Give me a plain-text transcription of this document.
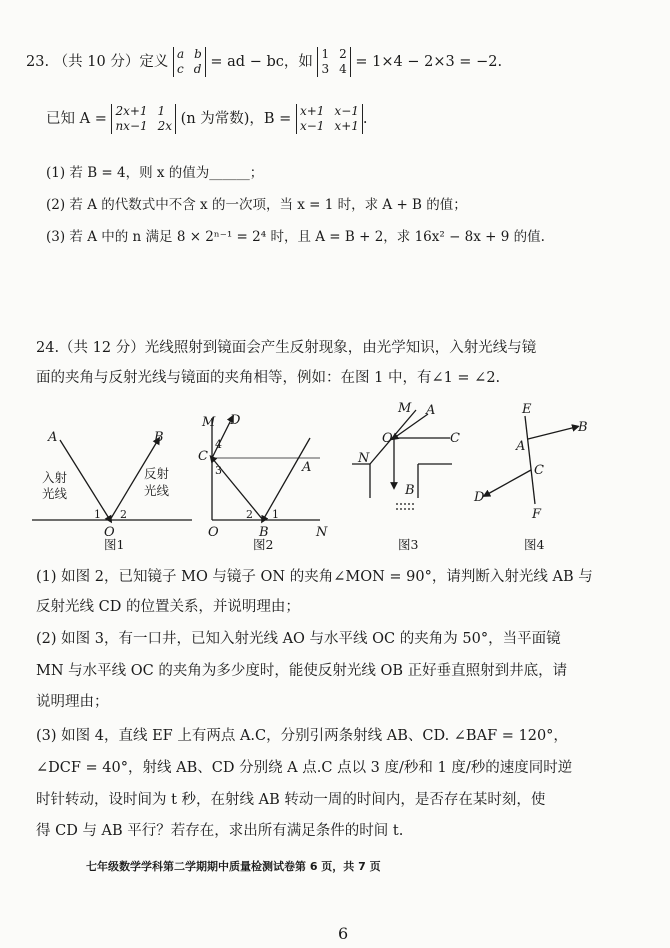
23. （共 10 分）定义 a b
c d = ad − bc，如 1 2
3 4 = 1×4 − 2×3 = −2.
已知 A = 2x+1 1
nx−1 2x (n 为常数)，B = x+1 x−1
x−1 x+1 .
(1) 若 B = 4，则 x 的值为______；
(2) 若 A 的代数式中不含 x 的一次项，当 x = 1 时，求 A + B 的值；
(3) 若 A 中的 n 满足 8 × 2ⁿ⁻¹ = 2⁴ 时，且 A = B + 2，求 16x² − 8x + 9 的值.
24.（共 12 分）光线照射到镜面会产生反射现象，由光学知识，入射光线与镜
面的夹角与反射光线与镜面的夹角相等，例如：在图 1 中，有∠1 = ∠2.
A	B
O
M D
C
A
O	B	N
M A
O	C
N
B
E
B
A
C
D
F
1 2
4
3
2 1
入射
光线
反射
光线
图1	图2	图3	图4
(1) 如图 2，已知镜子 MO 与镜子 ON 的夹角∠MON = 90°，请判断入射光线 AB 与
反射光线 CD 的位置关系，并说明理由；
(2) 如图 3，有一口井，已知入射光线 AO 与水平线 OC 的夹角为 50°，当平面镜
MN 与水平线 OC 的夹角为多少度时，能使反射光线 OB 正好垂直照射到井底，请
说明理由；
(3) 如图 4，直线 EF 上有两点 A.C，分别引两条射线 AB、CD. ∠BAF = 120°，
∠DCF = 40°，射线 AB、CD 分别绕 A 点.C 点以 3 度/秒和 1 度/秒的速度同时逆
时针转动，设时间为 t 秒，在射线 AB 转动一周的时间内，是否存在某时刻，使
得 CD 与 AB 平行？若存在，求出所有满足条件的时间 t.
七年级数学学科第二学期期中质量检测试卷第 6 页，共 7 页
6
